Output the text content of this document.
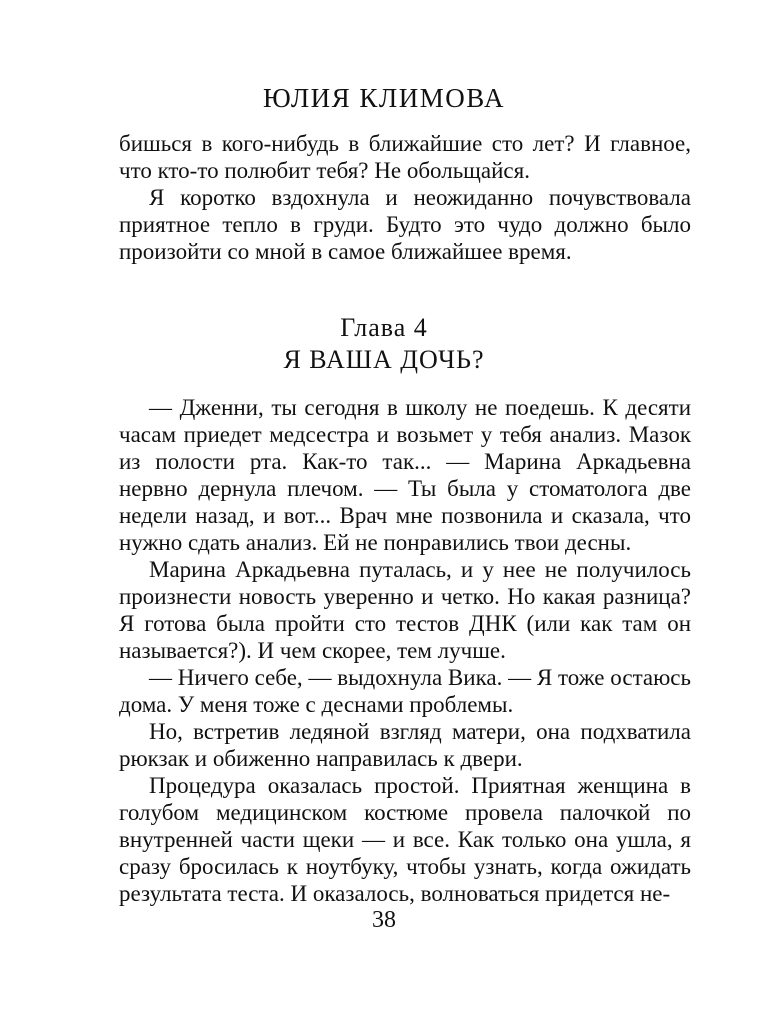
ЮЛИЯ КЛИМОВА

бишься в кого-нибудь в ближайшие сто лет? И главное, что кто-то полюбит тебя? Не обольщайся.

Я коротко вздохнула и неожиданно почувствовала приятное тепло в груди. Будто это чудо должно было произойти со мной в самое ближайшее время.

Глава 4
Я ВАША ДОЧЬ?

— Дженни, ты сегодня в школу не поедешь. К десяти часам приедет медсестра и возьмет у тебя анализ. Мазок из полости рта. Как-то так... — Марина Аркадьевна нервно дернула плечом. — Ты была у стоматолога две недели назад, и вот... Врач мне позвонила и сказала, что нужно сдать анализ. Ей не понравились твои десны.

Марина Аркадьевна путалась, и у нее не получилось произнести новость уверенно и четко. Но какая разница? Я готова была пройти сто тестов ДНК (или как там он называется?). И чем скорее, тем лучше.

— Ничего себе, — выдохнула Вика. — Я тоже остаюсь дома. У меня тоже с деснами проблемы.

Но, встретив ледяной взгляд матери, она подхватила рюкзак и обиженно направилась к двери.

Процедура оказалась простой. Приятная женщина в голубом медицинском костюме провела палочкой по внутренней части щеки — и все. Как только она ушла, я сразу бросилась к ноутбуку, чтобы узнать, когда ожидать результата теста. И оказалось, волноваться придется не-

38
